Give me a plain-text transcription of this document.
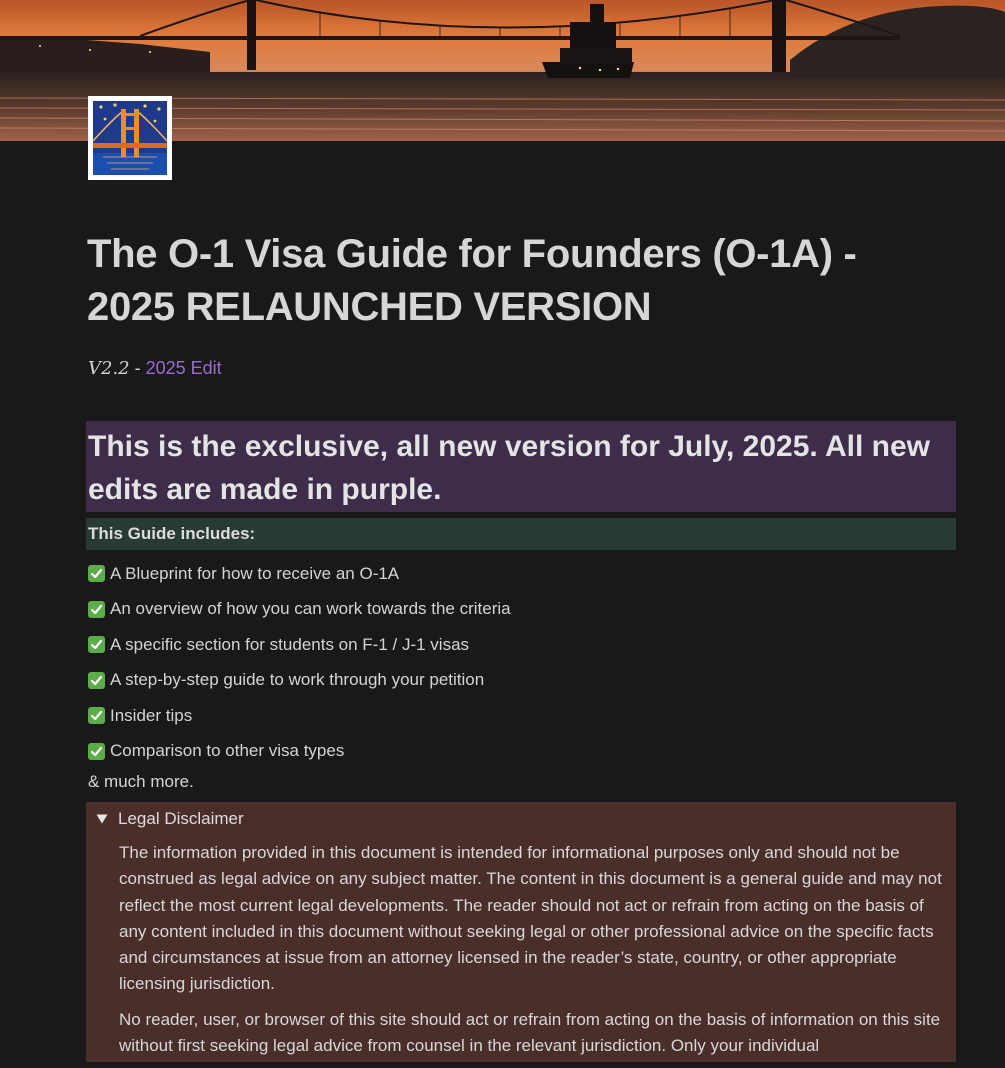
The O-1 Visa Guide for Founders (O-1A) - 2025 RELAUNCHED VERSION
V2.2 - 2025 Edit
This is the exclusive, all new version for July, 2025. All new edits are made in purple.
This Guide includes:
A Blueprint for how to receive an O-1A
An overview of how you can work towards the criteria
A specific section for students on F-1 / J-1 visas
A step-by-step guide to work through your petition
Insider tips
Comparison to other visa types
& much more.
Legal Disclaimer

The information provided in this document is intended for informational purposes only and should not be construed as legal advice on any subject matter. The content in this document is a general guide and may not reflect the most current legal developments. The reader should not act or refrain from acting on the basis of any content included in this document without seeking legal or other professional advice on the specific facts and circumstances at issue from an attorney licensed in the reader’s state, country, or other appropriate licensing jurisdiction.

No reader, user, or browser of this site should act or refrain from acting on the basis of information on this site without first seeking legal advice from counsel in the relevant jurisdiction. Only your individual
